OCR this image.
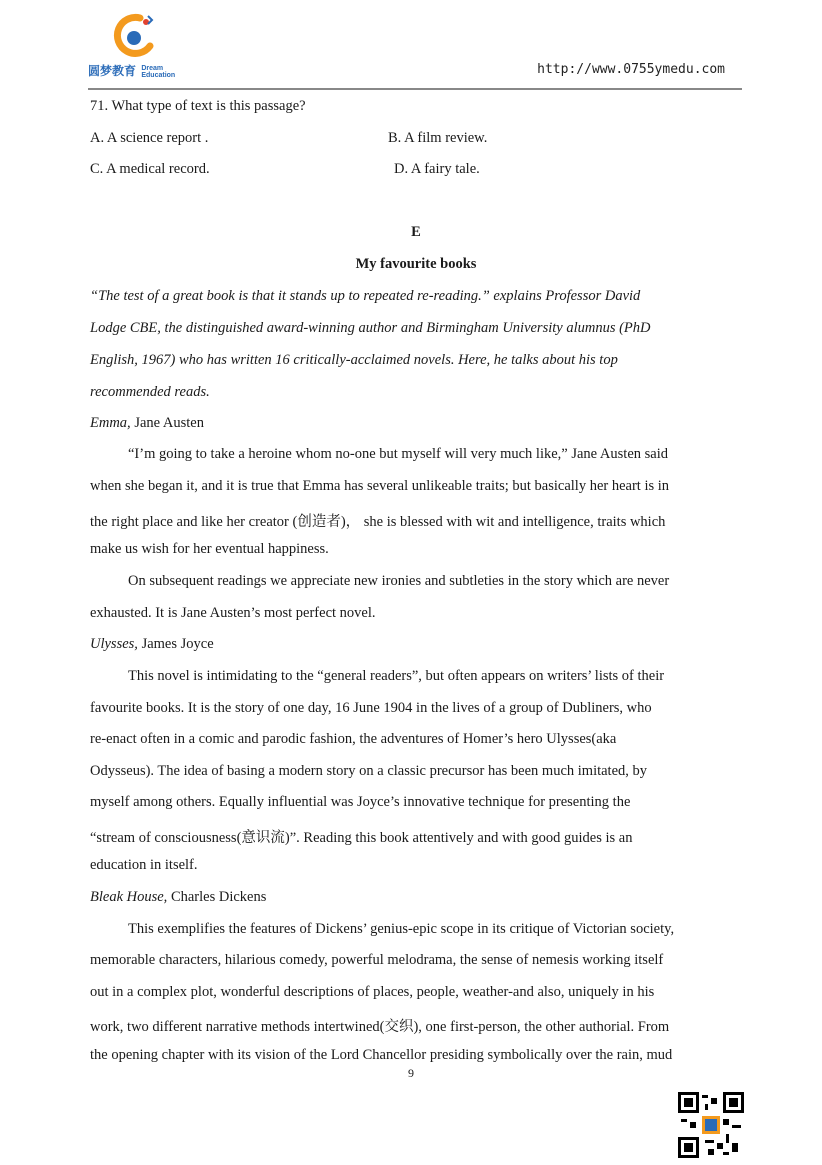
圆梦教育 Dream
Education	http://www.0755ymedu.com
71. What type of text is this passage?
A. A science report .	B. A film review.
C. A medical record.	D. A fairy tale.
E
My favourite books
“The test of a great book is that it stands up to repeated re-reading.” explains Professor David
Lodge CBE, the distinguished award-winning author and Birmingham University alumnus (PhD
English, 1967) who has written 16 critically-acclaimed novels. Here, he talks about his top
recommended reads.
Emma, Jane Austen
“I’m going to take a heroine whom no-one but myself will very much like,” Jane Austen said
when she began it, and it is true that Emma has several unlikeable traits; but basically her heart is in
the right place and like her creator (创造者)， she is blessed with wit and intelligence, traits which
make us wish for her eventual happiness.
On subsequent readings we appreciate new ironies and subtleties in the story which are never
exhausted. It is Jane Austen’s most perfect novel.
Ulysses, James Joyce
This novel is intimidating to the “general readers”, but often appears on writers’ lists of their
favourite books. It is the story of one day, 16 June 1904 in the lives of a group of Dubliners, who
re-enact often in a comic and parodic fashion, the adventures of Homer’s hero Ulysses(aka
Odysseus). The idea of basing a modern story on a classic precursor has been much imitated, by
myself among others. Equally influential was Joyce’s innovative technique for presenting the
“stream of consciousness(意识流)”. Reading this book attentively and with good guides is an
education in itself.
Bleak House, Charles Dickens
This exemplifies the features of Dickens’ genius-epic scope in its critique of Victorian society,
memorable characters, hilarious comedy, powerful melodrama, the sense of nemesis working itself
out in a complex plot, wonderful descriptions of places, people, weather-and also, uniquely in his
work, two different narrative methods intertwined(交织), one first-person, the other authorial. From
the opening chapter with its vision of the Lord Chancellor presiding symbolically over the rain, mud
9
